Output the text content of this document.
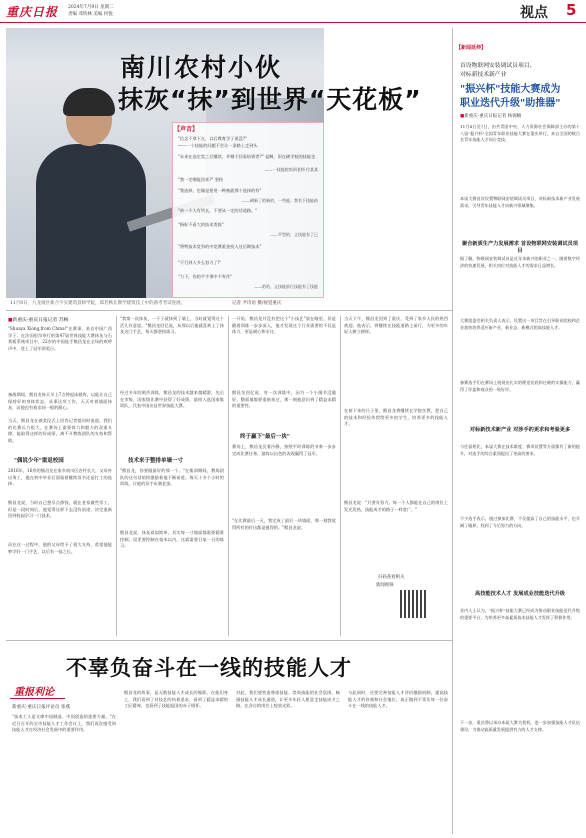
重庆日报 2024年7月9日 星期二
责编 邓铁林 美编 何悦	视点 5
南川农村小伙
抹灰“抹”到世界“天花板”
【声音】
"信念不拿下在，以后教育学子说没?"
——一个技能的问题不会让一条路上走到头
"未来在选定奖之后继续，并哪不回看培训者?" 是啊，旧在刷学校的技能也
——一技能院培训老师 付某某
"我一定哪能回来?" 坚持
"我选择，也像是要用一种被就那个选择的有"
——刷新了的新的，一些能，我有下技能前
"单一个人有所长，不要从一定的话道路。"
"指标不看大的技术类练"
——平型的，义技能有了已
"将特技术竞争的中竞赛重金投入这后期技术"
"不行到人多么努力了!"
"力下，你的平手那中不有作"
——哈哈，义技能前行技能有了技能
11月8日，九龙坡区新合宇实建筑技师学院，郑若秋在教学建筑技工中的备考考试进展。	记者 尹诗语 摄/视觉重庆
■新重庆-重庆日报记者 苏畅
"Shuaya Xiong,from China!"在赛事，来自中国广西学子、在法国里昂举行的第47届世界技能大赛抹灰与石膏板系统项目中，22岁的中国选手熊昌龙在全场的欢呼声中，登上了冠军领奖台。
备战期间，熊昌龙每天早上7点钟起床锻炼，以能让自己保持好的身体状态。从事这项工作，天天对着墙面抹灰，而他也有着非同一般的耐心。
当天，熊昌龙在颁奖仪式上回答记者提问时说道，我们的比赛压力很大，在赛场上需要体力和毅力的双重支撑，能取得这样的好成绩，离不开教练团队的支持和帮助。
"偶说少年"重返校园
2016年，16岁的熊昌龙在家乡南川区农村长大，父母外出务工，他在初中毕业后面临着继续读书还是打工的选择。
熊昌龙说，当时自己想早点挣钱，就在老家做些零工，但是一段时间后，他觉得这样下去没有前途，决定重新回到校园学习一门技术。
而在这一过程中，他的父母给予了很大支持，希望他能够学好一门手艺，以后有一技之长。
"我第一次抹灰，一下子就抹到了墙上，当时就觉得这个活儿有意思。"熊昌龙回忆说，从那以后他就喜欢上了抹灰这门手艺，每天都坚持练习。
经过多年的刻苦训练，熊昌龙的技术越来越精湛，先后在市级、国家级比赛中获得了好成绩，最终入选国家集训队，代表中国出征世界技能大赛。
技术来于整排单墙一寸
"熊昌龙，你要做最好的那一个。"在集训期间，教练团队的这句话始终激励着他不断前进。每天十多个小时的训练，让他的双手布满老茧。
熊昌龙说，抹灰看似简单，其实每一寸墙面都需要精准控制，误差要控制在毫米以内，这就需要日复一日的练习。
一开始，熊昌龙并没有把这个"小技艺"放在眼里，但是随着训练一步步深入，他才发现这个行业需要的不仅是体力，更是耐心和专注。
熊昌龙回忆说，有一次训练中，因为一个小细节没做好，整面墙都要重新来过，那一刻他意识到了精益求精的重要性。
终于赢下"最后一块"
赛场上，熊昌龙沉着冷静，按照平时训练的节奏一步步完成比赛任务，最终以出色的表现赢得了冠军。
"在比赛最后一天，我完成了最后一块墙面，那一刻我觉得所有的付出都是值得的。"熊昌龙说。
当天下午，熊昌龙回到了重庆，受到了家乡人民的热烈欢迎。他表示，将继续在技能道路上前行，为更多的年轻人树立榜样。
在接下来的日子里，熊昌龙将继续在学院任教，把自己的技术和经验传授给更多的学生，培养更多的技能人才。
熊昌龙说："只要肯努力，每一个人都能在自己的岗位上发光发热，技能成才的路子一样宽广。"
扫码查看相关
新闻视频
不辜负奋斗在一线的技能人才
重报利论
新重庆-重庆日报评论员 张燕
"技术工人是支撑中国制造、中国创造的重要力量。"在近日召开的全市技能人才工作会议上，我们再次感受到技能人才在经济社会发展中的重要作用。
熊昌龙的故事，是无数技能人才成长的缩影。在他们身上，我们看到了对技艺的执着追求，看到了精益求精的工匠精神，也看到了技能报国的赤子情怀。
对此，我们要营造尊重技能、崇尚技能的社会氛围，畅通技能人才成长通道，让更多年轻人愿意走技能成才之路，在各自的岗位上绽放光彩。
与此同时，还要完善技能人才评价激励机制，提高技能人才的待遇和社会地位，真正做到不辜负每一位奋斗在一线的技能人才。
【新闻延伸】
首设物联网安装调试员项目、
对标新技术新产业
"振兴杯"技能大赛成为
职业迭代升级"助推器"
■新重庆-重庆日报记者 杨锡楠
11月4日至7日，由共青团中央、人力资源社会保障部主办的第十八届"振兴杯"全国青年职业技能大赛在重庆举行，来自全国的数百名青年技能人才同台竞技。
本届大赛首次设置物联网安装调试员项目，对标新技术新产业发展需求，引导青年技能人才向新兴领域聚集。
聚合新质生产力发展需求 首设物联网安装调试员项目
据了解，物联网安装调试员是近年来新兴的职业之一，随着数字经济的快速发展，相关岗位对技能人才的需求日益增长。
大赛组委会相关负责人表示，设置这一项目旨在引导职业院校和企业加快培养适应新产业、新业态、新模式的高技能人才。
参赛选手们在赛场上展现出扎实的理论功底和过硬的实操能力，赢得了评委和观众的一致好评。
对标新技术新产业 对涉手的更求和考验更多
与往届相比，本届大赛在技术难度、赛项设置等方面都有了新的提升，对选手的综合素质提出了更高的要求。
不少选手表示，通过参加比赛，不仅提高了自己的技能水平，也开阔了眼界，找到了今后努力的方向。
高技能技术人才 发展成业技能迭代升级
业内人士认为，"振兴杯"技能大赛已经成为推动职业技能迭代升级的重要平台，为培养更多高素质技术技能人才发挥了积极作用。
下一步，重庆将以承办本届大赛为契机，进一步加强技能人才队伍建设，为推动高质量发展提供有力的人才支撑。
